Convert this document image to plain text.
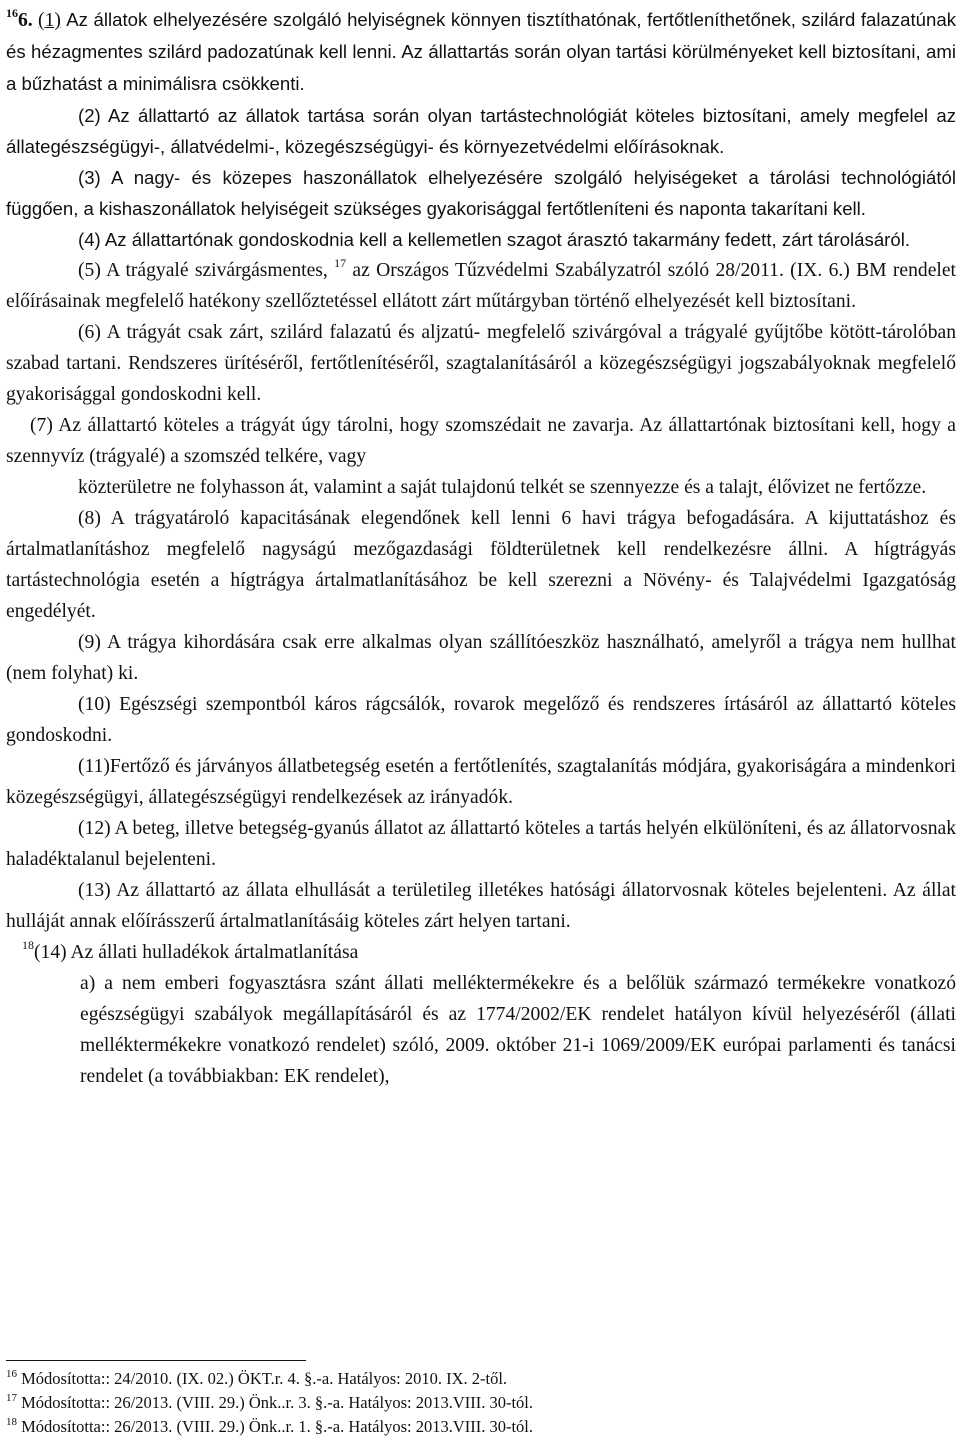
$^{16}$6. (1) Az állatok elhelyezésére szolgáló helyiségnek könnyen tisztíthatónak, fertőtleníthetőnek, szilárd falazatúnak és hézagmentes szilárd padozatúnak kell lenni. Az állattartás során olyan tartási körülményeket kell biztosítani, ami a bűzhatást a minimálisra csökkenti.

(2) Az állattartó az állatok tartása során olyan tartástechnológiát köteles biztosítani, amely megfelel az állategészségügyi-, állatvédelmi-, közegészségügyi- és környezetvédelmi előírásoknak.

(3) A nagy- és közepes haszonállatok elhelyezésére szolgáló helyiségeket a tárolási technológiától függően, a kishaszonállatok helyiségeit szükséges gyakorisággal fertőtleníteni és naponta takarítani kell.

(4) Az állattartónak gondoskodnia kell a kellemetlen szagot árasztó takarmány fedett, zárt tárolásáról.

(5) A trágyalé szivárgásmentes, $^{17}$ az Országos Tűzvédelmi Szabályzatról szóló 28/2011. (IX. 6.) BM rendelet előírásainak megfelelő hatékony szellőztetéssel ellátott zárt műtárgyban történő elhelyezését kell biztosítani.

(6) A trágyát csak zárt, szilárd falazatú és aljzatú- megfelelő szivárgóval a trágyalé gyűjtőbe kötött-tárolóban szabad tartani. Rendszeres ürítéséről, fertőtlenítéséről, szagtalanításáról a közegészségügyi jogszabályoknak megfelelő gyakorisággal gondoskodni kell.

(7) Az állattartó köteles a trágyát úgy tárolni, hogy szomszédait ne zavarja. Az állattartónak biztosítani kell, hogy a szennyvíz (trágyalé) a szomszéd telkére, vagy
közterületre ne folyhasson át, valamint a saját tulajdonú telkét se szennyezze és a talajt, élővizet ne fertőzze.

(8) A trágyatároló kapacitásának elegendőnek kell lenni 6 havi trágya befogadására. A kijuttatáshoz és ártalmatlanításhoz megfelelő nagyságú mezőgazdasági földterületnek kell rendelkezésre állni. A hígtrágyás tartástechnológia esetén a hígtrágya ártalmatlanításához be kell szerezni a Növény- és Talajvédelmi Igazgatóság engedélyét.

(9) A trágya kihordására csak erre alkalmas olyan szállítóeszköz használható, amelyről a trágya nem hullhat (nem folyhat) ki.

(10) Egészségi szempontból káros rágcsálók, rovarok megelőző és rendszeres írtásáról az állattartó köteles gondoskodni.

(11)Fertőző és járványos állatbetegség esetén a fertőtlenítés, szagtalanítás módjára, gyakoriságára a mindenkori közegészségügyi, állategészségügyi rendelkezések az irányadók.

(12) A beteg, illetve betegség-gyanús állatot az állattartó köteles a tartás helyén elkülöníteni, és az állatorvosnak haladéktalanul bejelenteni.

(13) Az állattartó az állata elhullását a területileg illetékes hatósági állatorvosnak köteles bejelenteni. Az állat hulláját annak előírásszerű ártalmatlanításáig köteles zárt helyen tartani.

$^{18}$(14) Az állati hulladékok ártalmatlanítása

a) a nem emberi fogyasztásra szánt állati melléktermékekre és a belőlük származó termékekre vonatkozó egészségügyi szabályok megállapításáról és az 1774/2002/EK rendelet hatályon kívül helyezéséről (állati melléktermékekre vonatkozó rendelet) szóló, 2009. október 21-i 1069/2009/EK európai parlamenti és tanácsi rendelet (a továbbiakban: EK rendelet),

$^{16}$ Módosította:: 24/2010. (IX. 02.) ÖKT.r. 4. §.-a. Hatályos: 2010. IX. 2-től.
$^{17}$ Módosította:: 26/2013. (VIII. 29.) Önk..r. 3. §.-a. Hatályos: 2013.VIII. 30-tól.
$^{18}$ Módosította:: 26/2013. (VIII. 29.) Önk..r. 1. §.-a. Hatályos: 2013.VIII. 30-tól.
